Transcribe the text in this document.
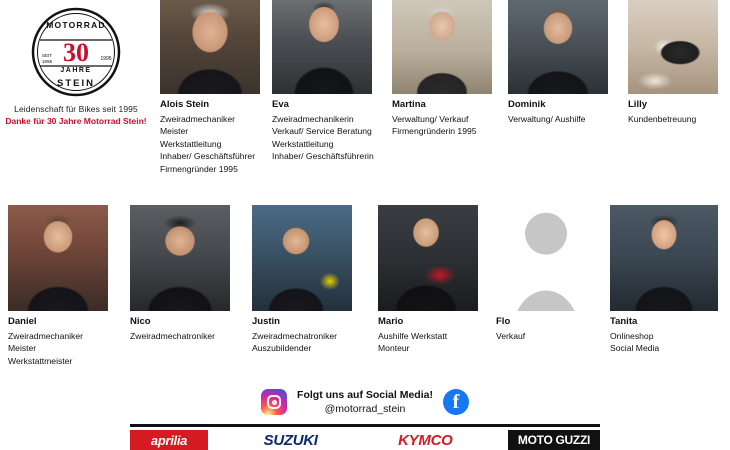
MOTORRAD
30
JAHRE
SEIT
1995	1995
STEIN
Leidenschaft für Bikes seit 1995
Danke für 30 Jahre Motorrad Stein!
Alois Stein
Zweiradmechaniker
Meister
Werkstattleitung
Inhaber/ Geschäftsführer
Firmengründer 1995
Eva
Zweiradmechanikerin
Verkauf/ Service Beratung
Werkstattleitung
Inhaber/ Geschäftsführerin
Martina
Verwaltung/ Verkauf
Firmengründerin 1995
Dominik
Verwaltung/ Aushilfe
Lilly
Kundenbetreuung
Daniel
Zweiradmechaniker
Meister
Werkstattmeister
Nico
Zweiradmechatroniker
Justin
Zweiradmechatroniker
Auszubildender
Mario
Aushilfe Werkstatt
Monteur
Flo
Verkauf
Tanita
Onlineshop
Social Media
Folgt uns auf Social Media!
@motorrad_stein	f
aprilia	SUZUKI	KYMCO	MOTO GUZZI
